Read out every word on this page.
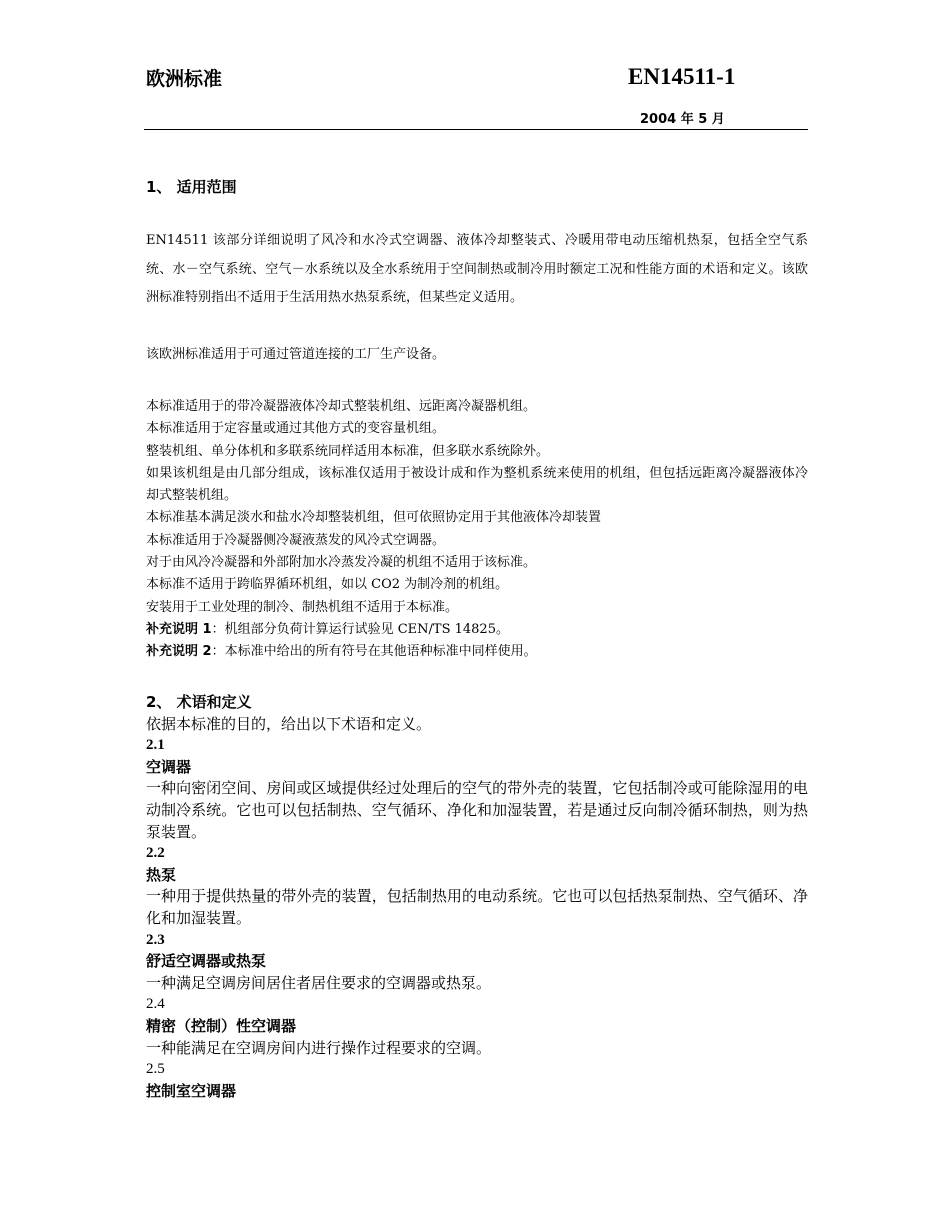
欧洲标准	EN14511-1
2004 年 5 月

1、 适用范围

EN14511 该部分详细说明了风冷和水冷式空调器、液体冷却整装式、冷暖用带电动压缩机热泵，包括全空气系统、水－空气系统、空气－水系统以及全水系统用于空间制热或制冷用时额定工况和性能方面的术语和定义。该欧洲标准特别指出不适用于生活用热水热泵系统，但某些定义适用。

该欧洲标准适用于可通过管道连接的工厂生产设备。

本标准适用于的带冷凝器液体冷却式整装机组、远距离冷凝器机组。
本标准适用于定容量或通过其他方式的变容量机组。
整装机组、单分体机和多联系统同样适用本标准，但多联水系统除外。
如果该机组是由几部分组成，该标准仅适用于被设计成和作为整机系统来使用的机组，但包括远距离冷凝器液体冷却式整装机组。
本标准基本满足淡水和盐水冷却整装机组，但可依照协定用于其他液体冷却装置
本标准适用于冷凝器侧冷凝液蒸发的风冷式空调器。
对于由风冷冷凝器和外部附加水冷蒸发冷凝的机组不适用于该标准。
本标准不适用于跨临界循环机组，如以 CO2 为制冷剂的机组。
安装用于工业处理的制冷、制热机组不适用于本标准。
补充说明 1：机组部分负荷计算运行试验见 CEN/TS 14825。
补充说明 2：本标准中给出的所有符号在其他语种标准中同样使用。
2、 术语和定义
依据本标准的目的，给出以下术语和定义。
2.1
空调器
一种向密闭空间、房间或区域提供经过处理后的空气的带外壳的装置，它包括制冷或可能除湿用的电动制冷系统。它也可以包括制热、空气循环、净化和加湿装置，若是通过反向制冷循环制热，则为热泵装置。
2.2
热泵
一种用于提供热量的带外壳的装置，包括制热用的电动系统。它也可以包括热泵制热、空气循环、净化和加湿装置。
2.3
舒适空调器或热泵
一种满足空调房间居住者居住要求的空调器或热泵。
2.4
精密（控制）性空调器
一种能满足在空调房间内进行操作过程要求的空调。
2.5
控制室空调器
